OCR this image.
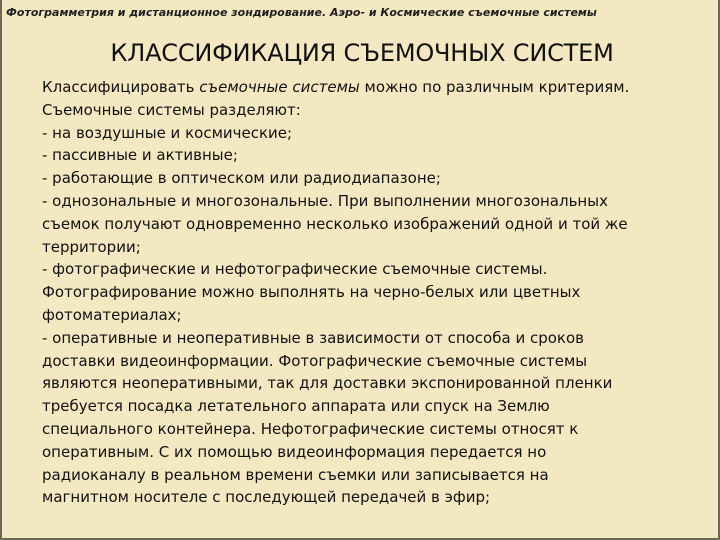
Фотограмметрия и дистанционное зондирование. Аэро- и Космические съемочные системы
КЛАССИФИКАЦИЯ СЪЕМОЧНЫХ СИСТЕМ
Классифицировать съемочные системы можно по различным критериям.
Съемочные системы разделяют:
- на воздушные и космические;
- пассивные и активные;
- работающие в оптическом или радиодиапазоне;
- однозональные и многозональные. При выполнении многозональных
съемок получают одновременно несколько изображений одной и той же
территории;
- фотографические и нефотографические съемочные системы.
Фотографирование можно выполнять на черно-белых или цветных
фотоматериалах;
- оперативные и неоперативные в зависимости от способа и сроков
доставки видеоинформации. Фотографические съемочные системы
являются неоперативными, так для доставки экспонированной пленки
требуется посадка летательного аппарата или спуск на Землю
специального контейнера. Нефотографические системы относят к
оперативным. С их помощью видеоинформация передается но
радиоканалу в реальном времени съемки или записывается на
магнитном носителе с последующей передачей в эфир;
